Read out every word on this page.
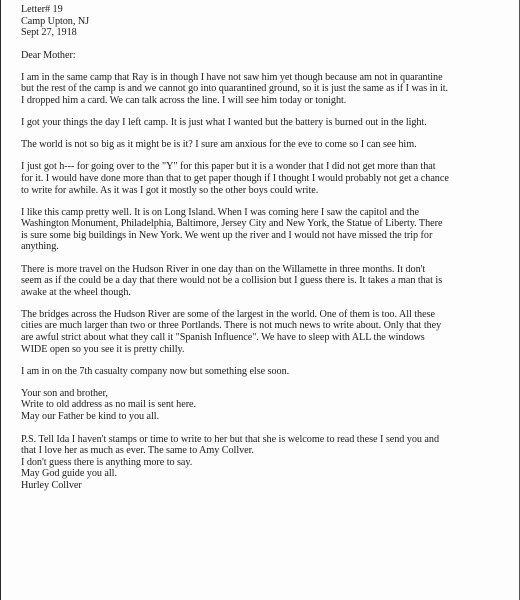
Letter# 19

Camp Upton, NJ

Sept 27, 1918

Dear Mother:

I am in the same camp that Ray is in though I have not saw him yet though because am not in quarantine
but the rest of the camp is and we cannot go into quarantined ground, so it is just the same as if I was in it.
I dropped him a card. We can talk across the line. I will see him today or tonight.

I got your things the day I left camp. It is just what I wanted but the battery is burned out in the light.

The world is not so big as it might be is it? I sure am anxious for the eve to come so I can see him.

I just got h--- for going over to the "Y" for this paper but it is a wonder that I did not get more than that
for it. I would have done more than that to get paper though if I thought I would probably not get a chance
to write for awhile. As it was I got it mostly so the other boys could write.

I like this camp pretty well. It is on Long Island. When I was coming here I saw the capitol and the
Washington Monument, Philadelphia, Baltimore, Jersey City and New York, the Statue of Liberty. There
is sure some big buildings in New York. We went up the river and I would not have missed the trip for
anything.

There is more travel on the Hudson River in one day than on the Willamette in three months. It don't
seem as if the could be a day that there would not be a collision but I guess there is. It takes a man that is
awake at the wheel though.

The bridges across the Hudson River are some of the largest in the world. One of them is too. All these
cities are much larger than two or three Portlands. There is not much news to write about. Only that they
are awful strict about what they call it "Spanish Influence". We have to sleep with ALL the windows
WIDE open so you see it is pretty chilly.

I am in on the 7th casualty company now but something else soon.

Your son and brother,

Write to old address as no mail is sent here.

May our Father be kind to you all.

P.S. Tell Ida I haven't stamps or time to write to her but that she is welcome to read these I send you and

that I love her as much as ever. The same to Amy Collver.

I don't guess there is anything more to say.

May God guide you all.

Hurley Collver
